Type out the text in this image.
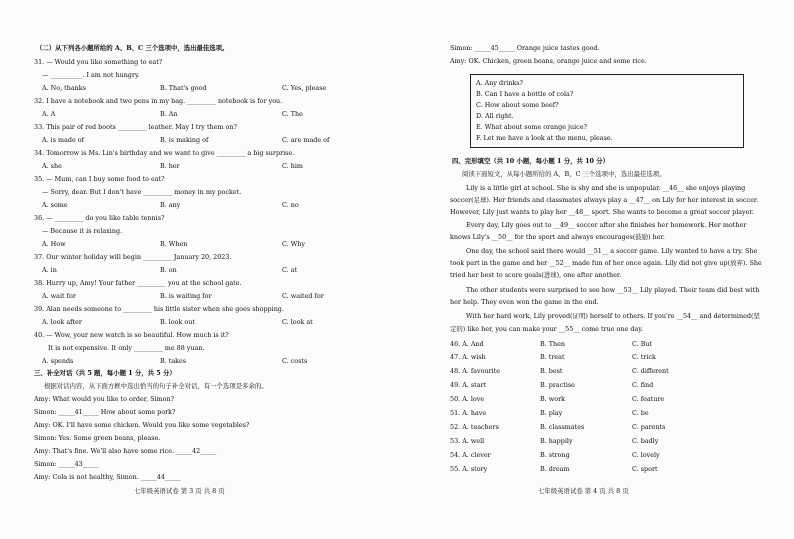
（二）从下列各小题所给的 A、B、C 三个选项中，选出最佳选项。
31. — Would you like something to eat?
— __________. I am not hungry.
A. No, thanks	B. That's good	C. Yes, please
32. I have a notebook and two pens in my bag. _________ notebook is for you.
A. A	B. An	C. The
33. This pair of red boots _________ leather. May I try them on?
A. is made of	B. is making of	C. are made of
34. Tomorrow is Ms. Lin's birthday and we want to give _________ a big surprise.
A. she	B. her	C. him
35. — Mum, can I buy some food to eat?
— Sorry, dear. But I don't have _________ money in my pocket.
A. some	B. any	C. no
36. — _________ do you like table tennis?
— Because it is relaxing.
A. How	B. When	C. Why
37. Our winter holiday will begin _________ January 20, 2023.
A. in	B. on	C. at
38. Hurry up, Amy! Your father _________ you at the school gate.
A. wait for	B. is waiting for	C. waited for
39. Alan needs someone to _________ his little sister when she goes shopping.
A. look after	B. look out	C. look at
40. — Wow, your new watch is so beautiful. How much is it?
It is not expensive. It only _________ me 88 yuan.
A. spends	B. takes	C. costs
三、补全对话（共 5 题，每小题 1 分，共 5 分）
根据对话内容，从下面方框中选出恰当的句子补全对话，有一个选项是多余的。
Amy: What would you like to order, Simon?
Simon: _____41_____ How about some pork?
Amy: OK. I'll have some chicken. Would you like some vegetables?
Simon: Yes. Some green beans, please.
Amy: That's fine. We'll also have some rice. _____42_____
Simon: _____43_____
Amy: Cola is not healthy, Simon. _____44_____
七年级英语试卷 第 3 页 共 8 页
Simon: _____45_____ Orange juice tastes good.
Amy: OK. Chicken, green beans, orange juice and some rice.
A. Any drinks?
B. Can I have a bottle of cola?
C. How about some beef?
D. All right.
E. What about some orange juice?
F. Let me have a look at the menu, please.
四、完形填空（共 10 小题，每小题 1 分，共 10 分）
阅读下面短文，从每小题所给的 A、B、C 三个选项中，选出最佳选项。
Lily is a little girl at school. She is shy and she is unpopular. __46__ she enjoys playing
soccer(足球). Her friends and classmates always play a __47__ on Lily for her interest in soccer.
However, Lily just wants to play her __48__ sport. She wants to become a great soccer player.
Every day, Lily goes out to __49__ soccer after she finishes her homework. Her mother
knows Lily's __50__ for the sport and always encourages(鼓励) her.
One day, the school said there would __51__ a soccer game. Lily wanted to have a try. She
took part in the game and her __52__ made fun of her once again. Lily did not give up(放弃). She
tried her best to score goals(进球), one after another.
The other students were surprised to see how __53__ Lily played. Their team did best with
her help. They even won the game in the end.
With her hard work, Lily proved(证明) herself to others. If you're __54__ and determined(坚
定的) like her, you can make your __55__ come true one day.
46. A. And	B. Then	C. But
47. A. wish	B. treat	C. trick
48. A. favourite	B. best	C. different
49. A. start	B. practise	C. find
50. A. love	B. work	C. feature
51. A. have	B. play	C. be
52. A. teachers	B. classmates	C. parents
53. A. well	B. happily	C. badly
54. A. clever	B. strong	C. lovely
55. A. story	B. dream	C. sport
七年级英语试卷 第 4 页 共 8 页
